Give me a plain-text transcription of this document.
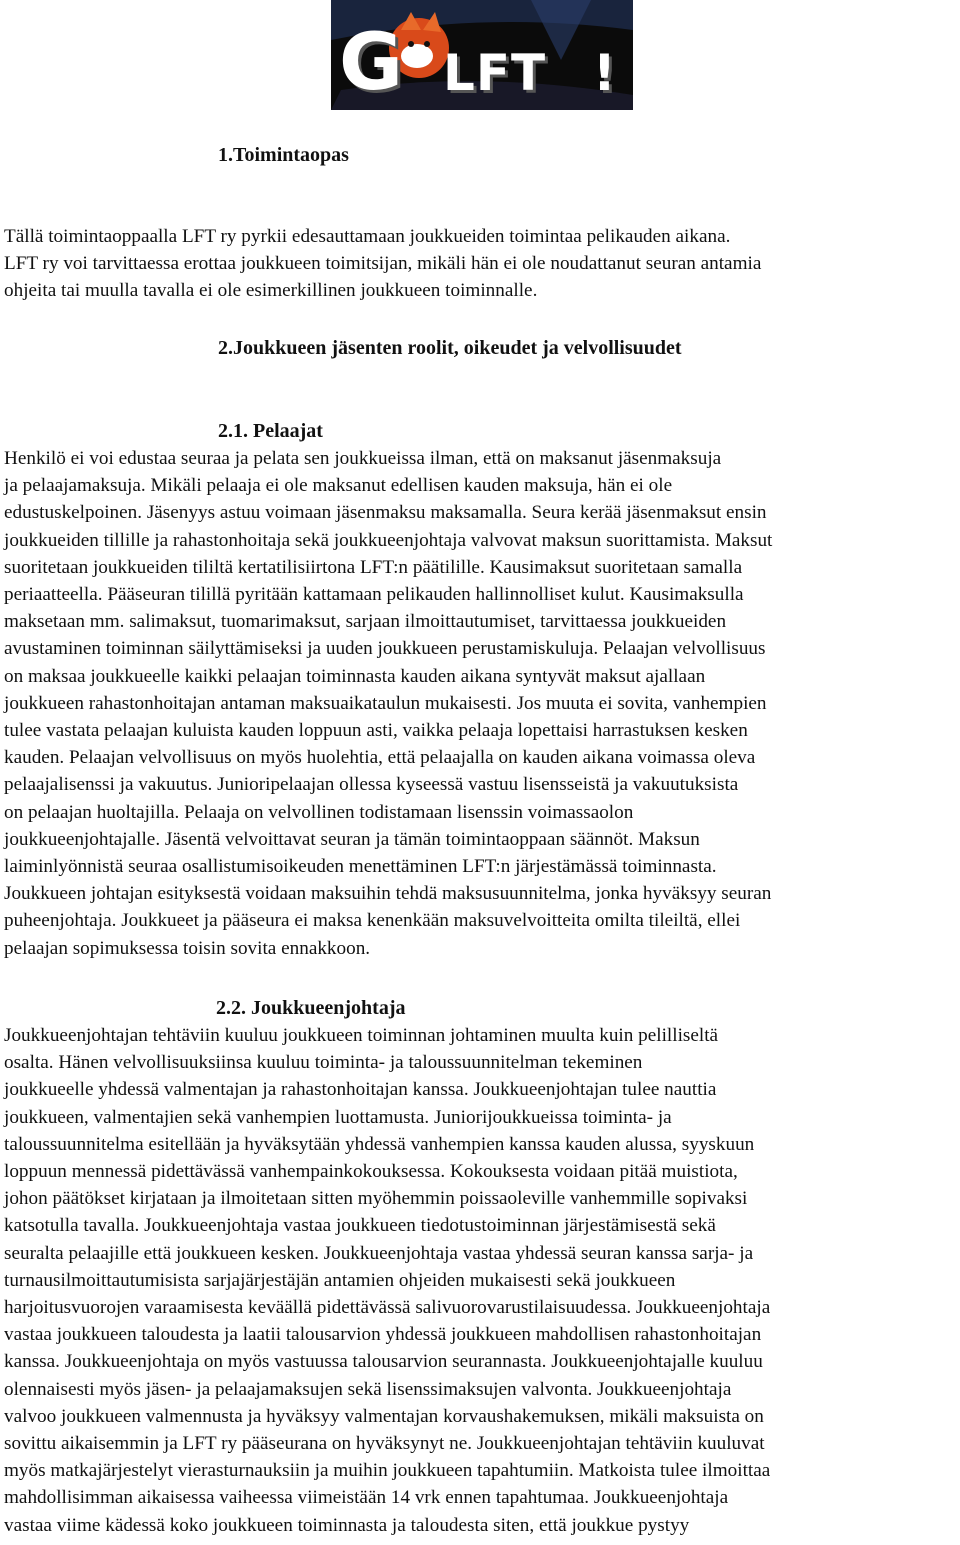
G LFT !
1.Toimintaopas
Tällä toimintaoppaalla LFT ry pyrkii edesauttamaan joukkueiden toimintaa pelikauden aikana.
LFT ry voi tarvittaessa erottaa joukkueen toimitsijan, mikäli hän ei ole noudattanut seuran antamia
ohjeita tai muulla tavalla ei ole esimerkillinen joukkueen toiminnalle.
2.Joukkueen jäsenten roolit, oikeudet ja velvollisuudet
2.1. Pelaajat
Henkilö ei voi edustaa seuraa ja pelata sen joukkueissa ilman, että on maksanut jäsenmaksuja
ja pelaajamaksuja. Mikäli pelaaja ei ole maksanut edellisen kauden maksuja, hän ei ole
edustuskelpoinen. Jäsenyys astuu voimaan jäsenmaksu maksamalla. Seura kerää jäsenmaksut ensin
joukkueiden tillille ja rahastonhoitaja sekä joukkueenjohtaja valvovat maksun suorittamista. Maksut
suoritetaan joukkueiden tililtä kertatilisiirtona LFT:n päätilille. Kausimaksut suoritetaan samalla
periaatteella. Pääseuran tilillä pyritään kattamaan pelikauden hallinnolliset kulut. Kausimaksulla
maksetaan mm. salimaksut, tuomarimaksut, sarjaan ilmoittautumiset, tarvittaessa joukkueiden
avustaminen toiminnan säilyttämiseksi ja uuden joukkueen perustamiskuluja. Pelaajan velvollisuus
on maksaa joukkueelle kaikki pelaajan toiminnasta kauden aikana syntyvät maksut ajallaan
joukkueen rahastonhoitajan antaman maksuaikataulun mukaisesti. Jos muuta ei sovita, vanhempien
tulee vastata pelaajan kuluista kauden loppuun asti, vaikka pelaaja lopettaisi harrastuksen kesken
kauden. Pelaajan velvollisuus on myös huolehtia, että pelaajalla on kauden aikana voimassa oleva
pelaajalisenssi ja vakuutus. Junioripelaajan ollessa kyseessä vastuu lisensseistä ja vakuutuksista
on pelaajan huoltajilla. Pelaaja on velvollinen todistamaan lisenssin voimassaolon
joukkueenjohtajalle. Jäsentä velvoittavat seuran ja tämän toimintaoppaan säännöt. Maksun
laiminlyönnistä seuraa osallistumisoikeuden menettäminen LFT:n järjestämässä toiminnasta.
Joukkueen johtajan esityksestä voidaan maksuihin tehdä maksusuunnitelma, jonka hyväksyy seuran
puheenjohtaja. Joukkueet ja pääseura ei maksa kenenkään maksuvelvoitteita omilta tileiltä, ellei
pelaajan sopimuksessa toisin sovita ennakkoon.
2.2. Joukkueenjohtaja
Joukkueenjohtajan tehtäviin kuuluu joukkueen toiminnan johtaminen muulta kuin pelilliseltä
osalta. Hänen velvollisuuksiinsa kuuluu toiminta- ja taloussuunnitelman tekeminen
joukkueelle yhdessä valmentajan ja rahastonhoitajan kanssa. Joukkueenjohtajan tulee nauttia
joukkueen, valmentajien sekä vanhempien luottamusta. Juniorijoukkueissa toiminta- ja
taloussuunnitelma esitellään ja hyväksytään yhdessä vanhempien kanssa kauden alussa, syyskuun
loppuun mennessä pidettävässä vanhempainkokouksessa. Kokouksesta voidaan pitää muistiota,
johon päätökset kirjataan ja ilmoitetaan sitten myöhemmin poissaoleville vanhemmille sopivaksi
katsotulla tavalla. Joukkueenjohtaja vastaa joukkueen tiedotustoiminnan järjestämisestä sekä
seuralta pelaajille että joukkueen kesken. Joukkueenjohtaja vastaa yhdessä seuran kanssa sarja- ja
turnausilmoittautumisista sarjajärjestäjän antamien ohjeiden mukaisesti sekä joukkueen
harjoitusvuorojen varaamisesta keväällä pidettävässä salivuorovarustilaisuudessa. Joukkueenjohtaja
vastaa joukkueen taloudesta ja laatii talousarvion yhdessä joukkueen mahdollisen rahastonhoitajan
kanssa. Joukkueenjohtaja on myös vastuussa talousarvion seurannasta. Joukkueenjohtajalle kuuluu
olennaisesti myös jäsen- ja pelaajamaksujen sekä lisenssimaksujen valvonta. Joukkueenjohtaja
valvoo joukkueen valmennusta ja hyväksyy valmentajan korvaushakemuksen, mikäli maksuista on
sovittu aikaisemmin ja LFT ry pääseurana on hyväksynyt ne. Joukkueenjohtajan tehtäviin kuuluvat
myös matkajärjestelyt vierasturnauksiin ja muihin joukkueen tapahtumiin. Matkoista tulee ilmoittaa
mahdollisimman aikaisessa vaiheessa viimeistään 14 vrk ennen tapahtumaa. Joukkueenjohtaja
vastaa viime kädessä koko joukkueen toiminnasta ja taloudesta siten, että joukkue pystyy
